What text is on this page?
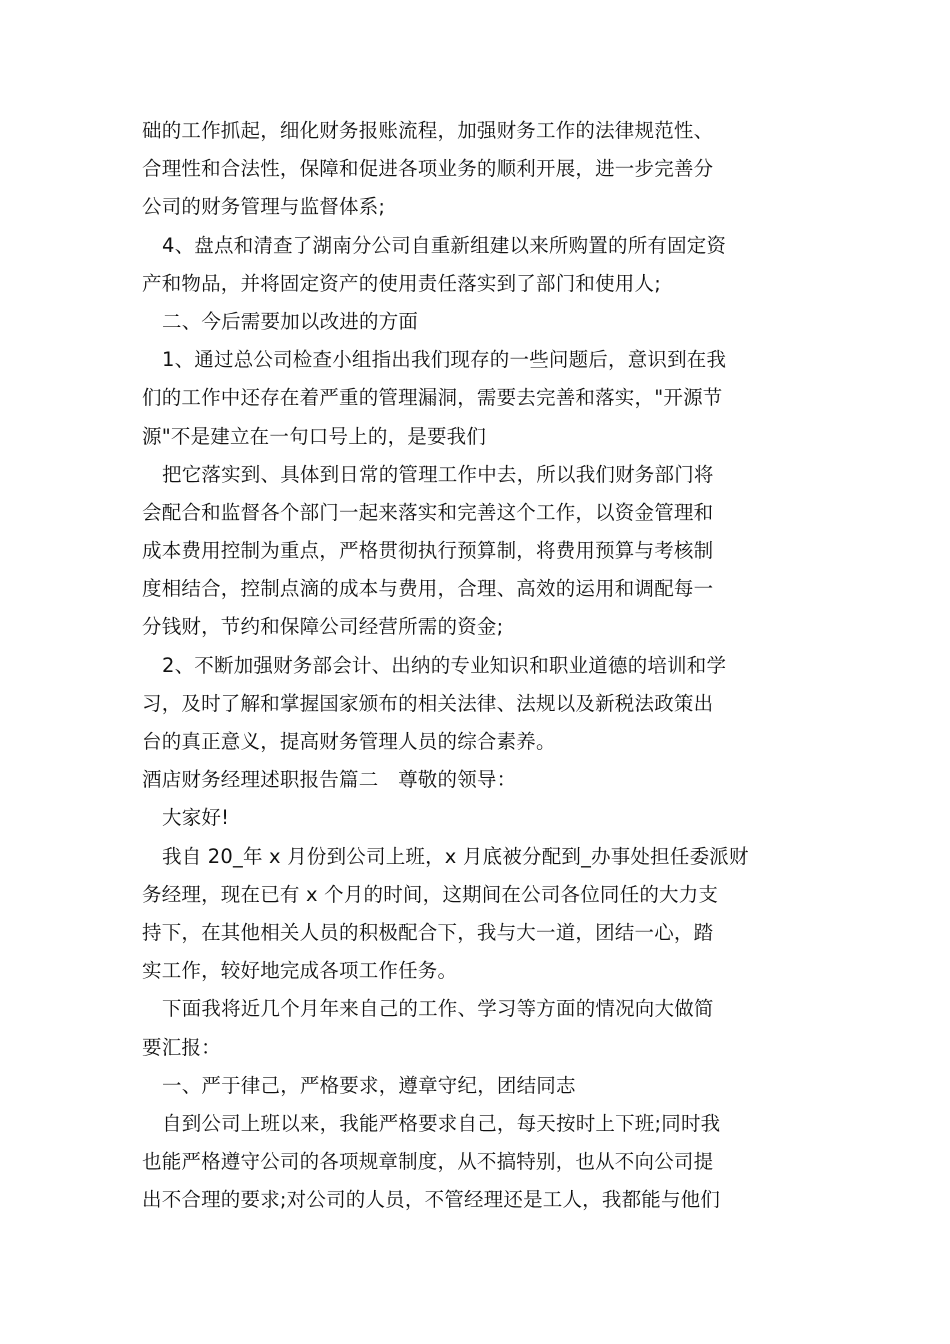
础的工作抓起，细化财务报账流程，加强财务工作的法律规范性、
合理性和合法性，保障和促进各项业务的顺利开展，进一步完善分
公司的财务管理与监督体系;
4、盘点和清查了湖南分公司自重新组建以来所购置的所有固定资
产和物品，并将固定资产的使用责任落实到了部门和使用人;
二、今后需要加以改进的方面
1、通过总公司检查小组指出我们现存的一些问题后，意识到在我
们的工作中还存在着严重的管理漏洞，需要去完善和落实，"开源节
源"不是建立在一句口号上的，是要我们
把它落实到、具体到日常的管理工作中去，所以我们财务部门将
会配合和监督各个部门一起来落实和完善这个工作，以资金管理和
成本费用控制为重点，严格贯彻执行预算制，将费用预算与考核制
度相结合，控制点滴的成本与费用，合理、高效的运用和调配每一
分钱财，节约和保障公司经营所需的资金;
2、不断加强财务部会计、出纳的专业知识和职业道德的培训和学
习，及时了解和掌握国家颁布的相关法律、法规以及新税法政策出
台的真正意义，提高财务管理人员的综合素养。
酒店财务经理述职报告篇二　尊敬的领导：
大家好!
我自 20_年 x 月份到公司上班，x 月底被分配到_办事处担任委派财
务经理，现在已有 x 个月的时间，这期间在公司各位同任的大力支
持下，在其他相关人员的积极配合下，我与大一道，团结一心，踏
实工作，较好地完成各项工作任务。
下面我将近几个月年来自己的工作、学习等方面的情况向大做简
要汇报：
一、严于律己，严格要求，遵章守纪，团结同志
自到公司上班以来，我能严格要求自己，每天按时上下班;同时我
也能严格遵守公司的各项规章制度，从不搞特别，也从不向公司提
出不合理的要求;对公司的人员，不管经理还是工人，我都能与他们
